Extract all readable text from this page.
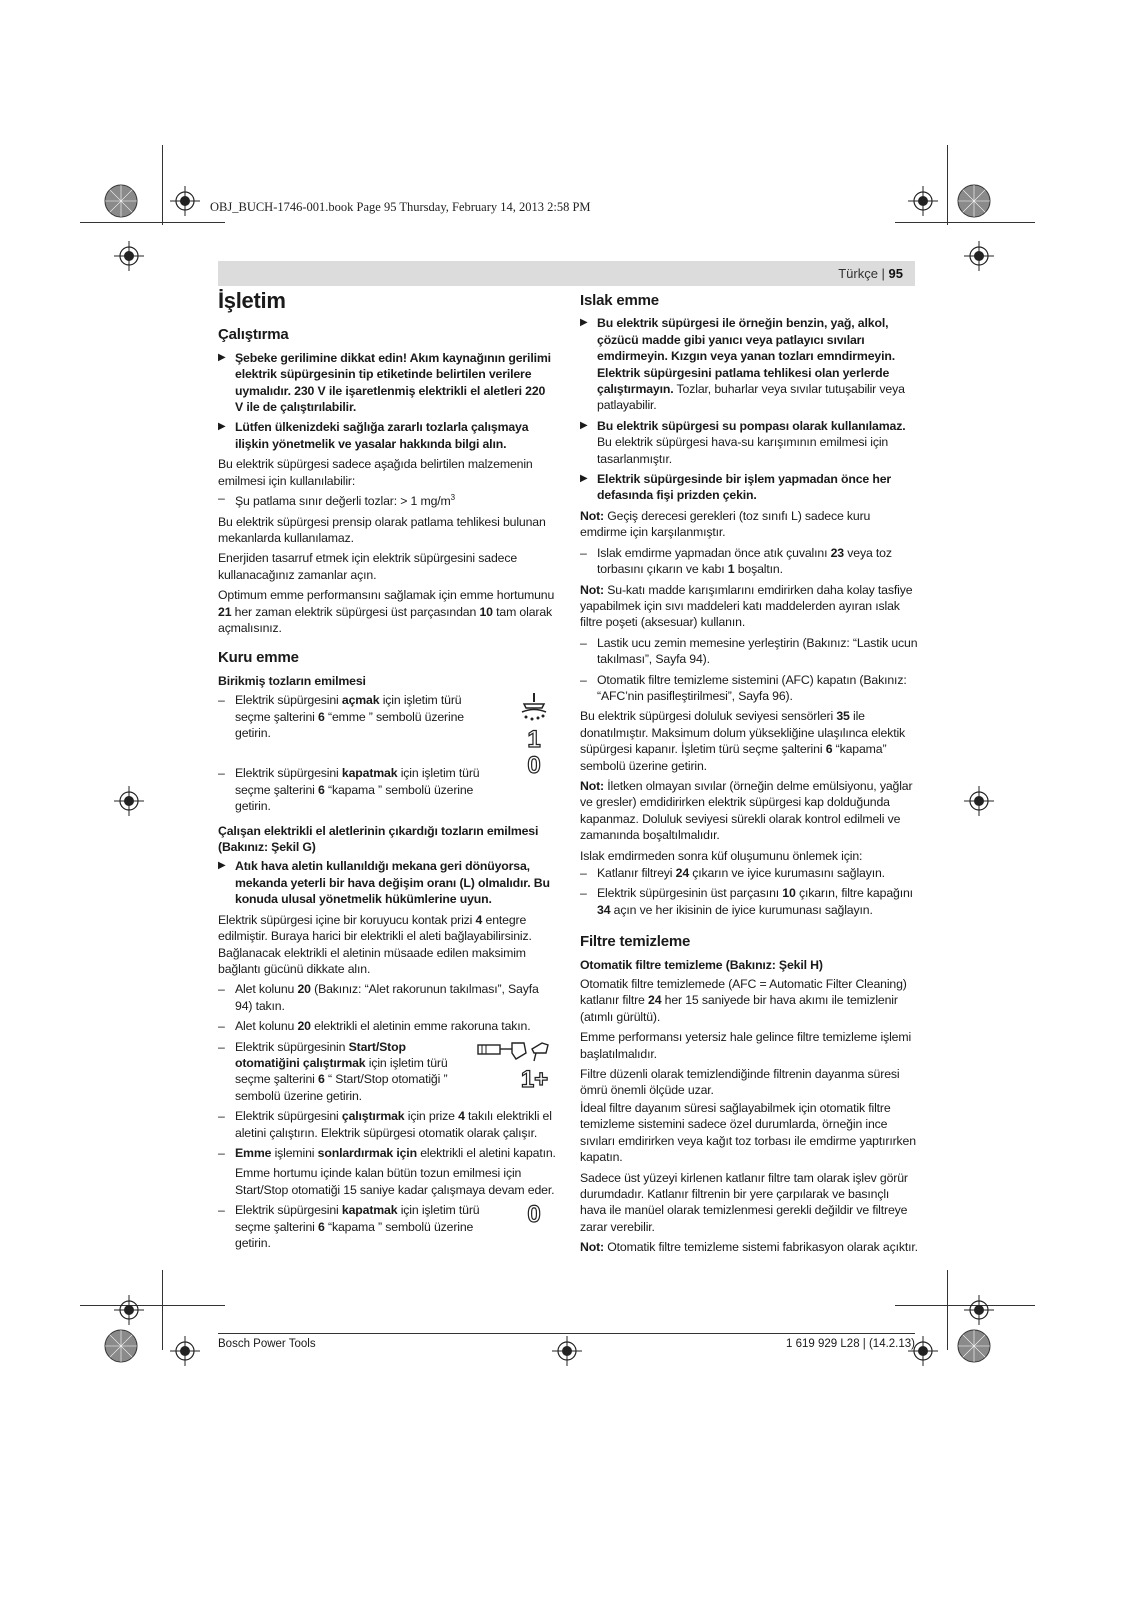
OBJ_BUCH-1746-001.book Page 95 Thursday, February 14, 2013 2:58 PM
Türkçe | 95
İşletim
Çalıştırma

▶ Şebeke gerilimine dikkat edin! Akım kaynağının gerilimi elektrik süpürgesinin tip etiketinde belirtilen verilere uymalıdır. 230 V ile işaretlenmiş elektrikli el aletleri 220 V ile de çalıştırılabilir.

▶ Lütfen ülkenizdeki sağlığa zararlı tozlarla çalışmaya ilişkin yönetmelik ve yasalar hakkında bilgi alın.

Bu elektrik süpürgesi sadece aşağıda belirtilen malzemenin emilmesi için kullanılabilir:

– Şu patlama sınır değerli tozlar: > 1 $mg/m^3$

Bu elektrik süpürgesi prensip olarak patlama tehlikesi bulunan mekanlarda kullanılamaz.

Enerjiden tasarruf etmek için elektrik süpürgesini sadece kullanacağınız zamanlar açın.

Optimum emme performansını sağlamak için emme hortumunu 21 her zaman elektrik süpürgesi üst parçasından 10 tam olarak açmalısınız.

Kuru emme
Birikmiş tozların emilmesi

– Elektrik süpürgesini açmak için işletim türü seçme şalterini 6 “emme ” sembolü üzerine getirin.

– Elektrik süpürgesini kapatmak için işletim türü seçme şalterini 6 “kapama ” sembolü üzerine getirin.

1
0
Çalışan elektrikli el aletlerinin çıkardığı tozların emilmesi (Bakınız: Şekil G)

▶ Atık hava aletin kullanıldığı mekana geri dönüyorsa, mekanda yeterli bir hava değişim oranı (L) olmalıdır. Bu konuda ulusal yönetmelik hükümlerine uyun.

Elektrik süpürgesi içine bir koruyucu kontak prizi 4 entegre edilmiştir. Buraya harici bir elektrikli el aleti bağlayabilirsiniz. Bağlanacak elektrikli el aletinin müsaade edilen maksimim bağlantı gücünü dikkate alın.

– Alet kolunu 20 (Bakınız: “Alet rakorunun takılması”, Sayfa 94) takın.

– Alet kolunu 20 elektrikli el aletinin emme rakoruna takın.

– Elektrik süpürgesinin Start/Stop otomatiğini çalıştırmak için işletim türü seçme şalterini 6 “ Start/Stop otomatiği ” sembolü üzerine getirin.

1+

– Elektrik süpürgesini çalıştırmak için prize 4 takılı elektrikli el aletini çalıştırın. Elektrik süpürgesi otomatik olarak çalışır.

– Emme işlemini sonlardırmak için elektrikli el aletini kapatın.

Emme hortumu içinde kalan bütün tozun emilmesi için Start/Stop otomatiği 15 saniye kadar çalışmaya devam eder.

– Elektrik süpürgesini kapatmak için işletim türü seçme şalterini 6 “kapama ” sembolü üzerine getirin.

0
Islak emme

▶ Bu elektrik süpürgesi ile örneğin benzin, yağ, alkol, çözücü madde gibi yanıcı veya patlayıcı sıvıları emdirmeyin. Kızgın veya yanan tozları emndirmeyin. Elektrik süpürgesini patlama tehlikesi olan yerlerde çalıştırmayın. Tozlar, buharlar veya sıvılar tutuşabilir veya patlayabilir.

▶ Bu elektrik süpürgesi su pompası olarak kullanılamaz. Bu elektrik süpürgesi hava-su karışımının emilmesi için tasarlanmıştır.

▶ Elektrik süpürgesinde bir işlem yapmadan önce her defasında fişi prizden çekin.

Not: Geçiş derecesi gerekleri (toz sınıfı L) sadece kuru emdirme için karşılanmıştır.

– Islak emdirme yapmadan önce atık çuvalını 23 veya toz torbasını çıkarın ve kabı 1 boşaltın.

Not: Su-katı madde karışımlarını emdirirken daha kolay tasfiye yapabilmek için sıvı maddeleri katı maddelerden ayıran ıslak filtre poşeti (aksesuar) kullanın.

– Lastik ucu zemin memesine yerleştirin (Bakınız: “Lastik ucun takılması”, Sayfa 94).

– Otomatik filtre temizleme sistemini (AFC) kapatın (Bakınız: “AFC’nin pasifleştirilmesi”, Sayfa 96).

Bu elektrik süpürgesi doluluk seviyesi sensörleri 35 ile donatılmıştır. Maksimum dolum yüksekliğine ulaşılınca elektik süpürgesi kapanır. İşletim türü seçme şalterini 6 “kapama” sembolü üzerine getirin.

Not: İletken olmayan sıvılar (örneğin delme emülsiyonu, yağlar ve gresler) emdidirirken elektrik süpürgesi kap dolduğunda kapanmaz. Doluluk seviyesi sürekli olarak kontrol edilmeli ve zamanında boşaltılmalıdır.

Islak emdirmeden sonra küf oluşumunu önlemek için:

– Katlanır filtreyi 24 çıkarın ve iyice kurumasını sağlayın.

– Elektrik süpürgesinin üst parçasını 10 çıkarın, filtre kapağını 34 açın ve her ikisinin de iyice kurumunası sağlayın.

Filtre temizleme
Otomatik filtre temizleme (Bakınız: Şekil H)

Otomatik filtre temizlemede (AFC = Automatic Filter Cleaning) katlanır filtre 24 her 15 saniyede bir hava akımı ile temizlenir (atımlı gürültü).

Emme performansı yetersiz hale gelince filtre temizleme işlemi başlatılmalıdır.

Filtre düzenli olarak temizlendiğinde filtrenin dayanma süresi ömrü önemli ölçüde uzar.

İdeal filtre dayanım süresi sağlayabilmek için otomatik filtre temizleme sistemini sadece özel durumlarda, örneğin ince sıvıları emdirirken veya kağıt toz torbası ile emdirme yaptırırken kapatın.

Sadece üst yüzeyi kirlenen katlanır filtre tam olarak işlev görür durumdadır. Katlanır filtrenin bir yere çarpılarak ve basınçlı hava ile manüel olarak temizlenmesi gerekli değildir ve filtreye zarar verebilir.

Not: Otomatik filtre temizleme sistemi fabrikasyon olarak açıktır.

Bosch Power Tools	1 619 929 L28 | (14.2.13)
